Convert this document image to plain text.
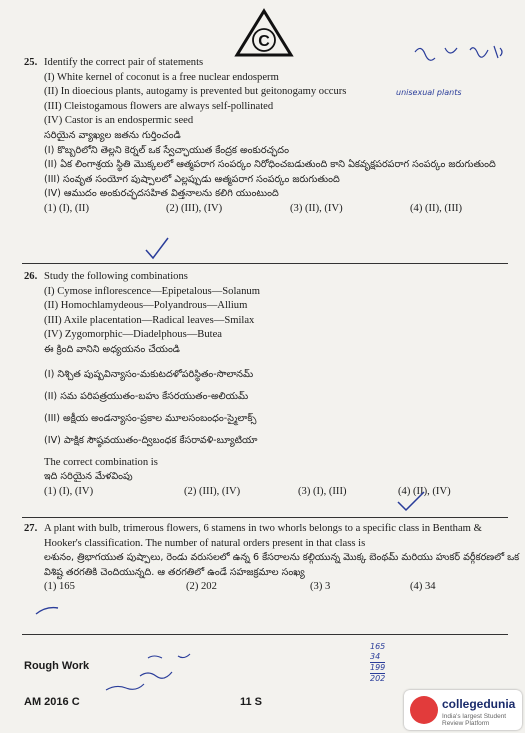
C
25. Identify the correct pair of statements
(I) White kernel of coconut is a free nuclear endosperm
(II) In dioecious plants, autogamy is prevented but geitonogamy occurs
(III) Cleistogamous flowers are always self-pollinated
(IV) Castor is an endospermic seed
సరియైన వ్యాఖ్యల జతను గుర్తించండి
(I) కొబ్బరిలోని తెల్లని కెర్నల్ ఒక స్వేచ్ఛాయుత కేంద్రక అంకురచ్ఛదం
(II) ఏక లింగాశ్రయ స్థితి మొక్కలలో ఆత్మపరాగ సంపర్కం నిరోధించబడుతుంది కాని ఏకవృక్షపరపరాగ సంపర్కం జరుగుతుంది
(III) సంవృత సంయోగ పుష్పాలలో ఎల్లప్పుడు ఆత్మపరాగ సంపర్కం జరుగుతుంది
(IV) ఆముదం అంకురచ్ఛదసహిత విత్తనాలను కలిగి యుంటుంది
(1) (I), (II)	(2) (III), (IV)	(3) (II), (IV)	(4) (II), (III)
unisexual plants
26. Study the following combinations
(I) Cymose inflorescence—Epipetalous—Solanum
(II) Homochlamydeous—Polyandrous—Allium
(III) Axile placentation—Radical leaves—Smilax
(IV) Zygomorphic—Diadelphous—Butea
ఈ క్రింది వానిని అధ్యయనం చేయండి
(I) నిశ్చిత పుష్పవిన్యాసం-మకుటదళోపరిస్థితం-సొలానమ్
(II) సమ పరిపత్రయుతం-బహు కేసరయుతం-అలియమ్
(III) అక్షీయ అండన్యాసం-ప్రకాల మూలసంబంధం-స్మైలాక్స్
(IV) పాక్షిక సౌష్ఠవయుతం-ద్విబంధక కేసరావళి-బ్యూటియా
The correct combination is
ఇది సరియైన మేళవింపు
(1) (I), (IV)	(2) (III), (IV)	(3) (I), (III)	(4) (II), (IV)
27. A plant with bulb, trimerous flowers, 6 stamens in two whorls belongs to a specific class in Bentham & Hooker's classification. The number of natural orders present in that class is
లశునం, త్రిభాగయుత పుష్పాలు, రెండు వరుసలలో ఉన్న 6 కేసరాలను కల్గియున్న మొక్క బెంథమ్ మరియు హుకర్ వర్గీకరణలో ఒక విశిష్ట తరగతికి చెందియున్నది. ఆ తరగతిలో ఉండే సహజక్రమాల సంఖ్య
(1) 165	(2) 202	(3) 3	(4) 34
Rough Work
165
34
199
202
AM 2016 C	11 S	collegedunia
India's largest Student Review Platform
